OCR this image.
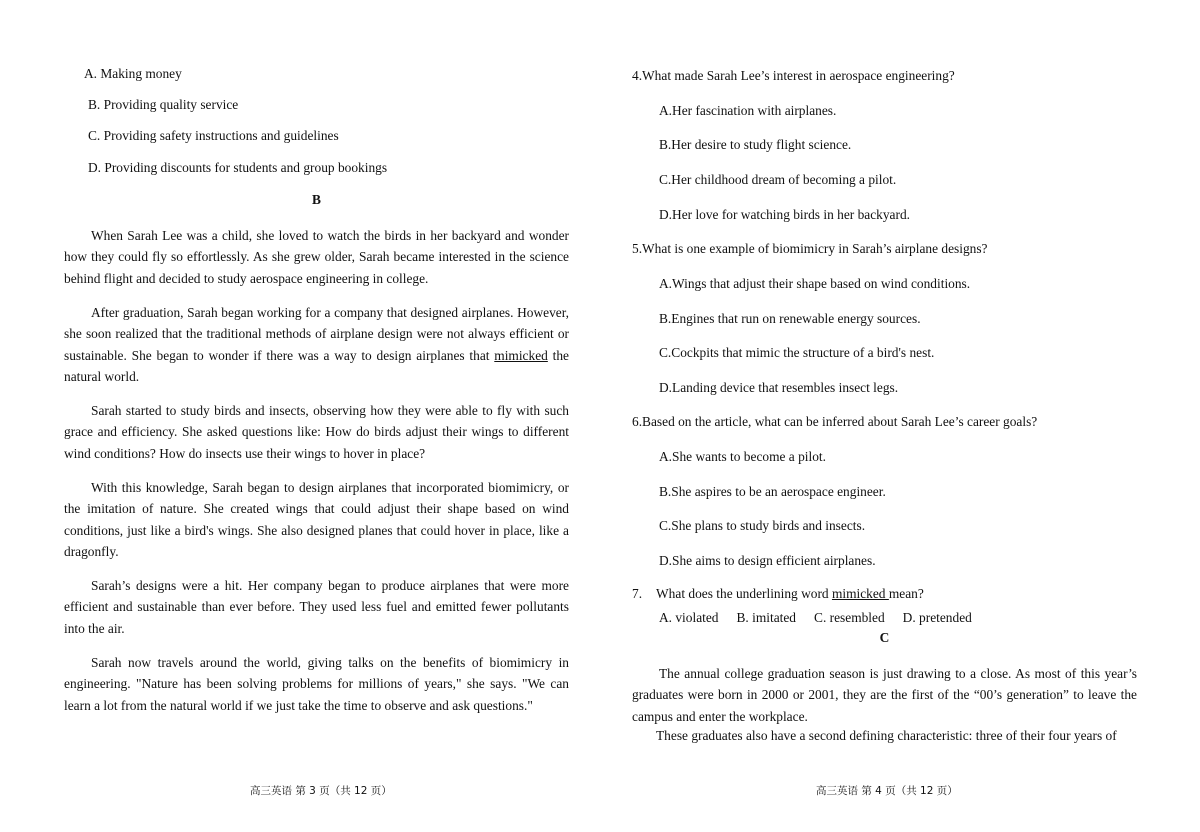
A. Making money
B. Providing quality service
C. Providing safety instructions and guidelines
D. Providing discounts for students and group bookings
B
When Sarah Lee was a child, she loved to watch the birds in her backyard and wonder how they could fly so effortlessly. As she grew older, Sarah became interested in the science behind flight and decided to study aerospace engineering in college.
After graduation, Sarah began working for a company that designed airplanes. However, she soon realized that the traditional methods of airplane design were not always efficient or sustainable. She began to wonder if there was a way to design airplanes that mimicked the natural world.
Sarah started to study birds and insects, observing how they were able to fly with such grace and efficiency. She asked questions like: How do birds adjust their wings to different wind conditions? How do insects use their wings to hover in place?
With this knowledge, Sarah began to design airplanes that incorporated biomimicry, or the imitation of nature. She created wings that could adjust their shape based on wind conditions, just like a bird's wings. She also designed planes that could hover in place, like a dragonfly.
Sarah’s designs were a hit. Her company began to produce airplanes that were more efficient and sustainable than ever before. They used less fuel and emitted fewer pollutants into the air.
Sarah now travels around the world, giving talks on the benefits of biomimicry in engineering. "Nature has been solving problems for millions of years," she says. "We can learn a lot from the natural world if we just take the time to observe and ask questions."
高三英语 第 3 页（共 12 页）
4.What made Sarah Lee’s interest in aerospace engineering?
A.Her fascination with airplanes.
B.Her desire to study flight science.
C.Her childhood dream of becoming a pilot.
D.Her love for watching birds in her backyard.
5.What is one example of biomimicry in Sarah’s airplane designs?
A.Wings that adjust their shape based on wind conditions.
B.Engines that run on renewable energy sources.
C.Cockpits that mimic the structure of a bird's nest.
D.Landing device that resembles insect legs.
6.Based on the article, what can be inferred about Sarah Lee’s career goals?
A.She wants to become a pilot.
B.She aspires to be an aerospace engineer.
C.She plans to study birds and insects.
D.She aims to design efficient airplanes.
7. What does the underlining word mimicked mean?
A. violated B. imitated C. resembled D. pretended
C
The annual college graduation season is just drawing to a close. As most of this year’s graduates were born in 2000 or 2001, they are the first of the “00’s generation” to leave the campus and enter the workplace.
These graduates also have a second defining characteristic: three of their four years of
高三英语 第 4 页（共 12 页）
